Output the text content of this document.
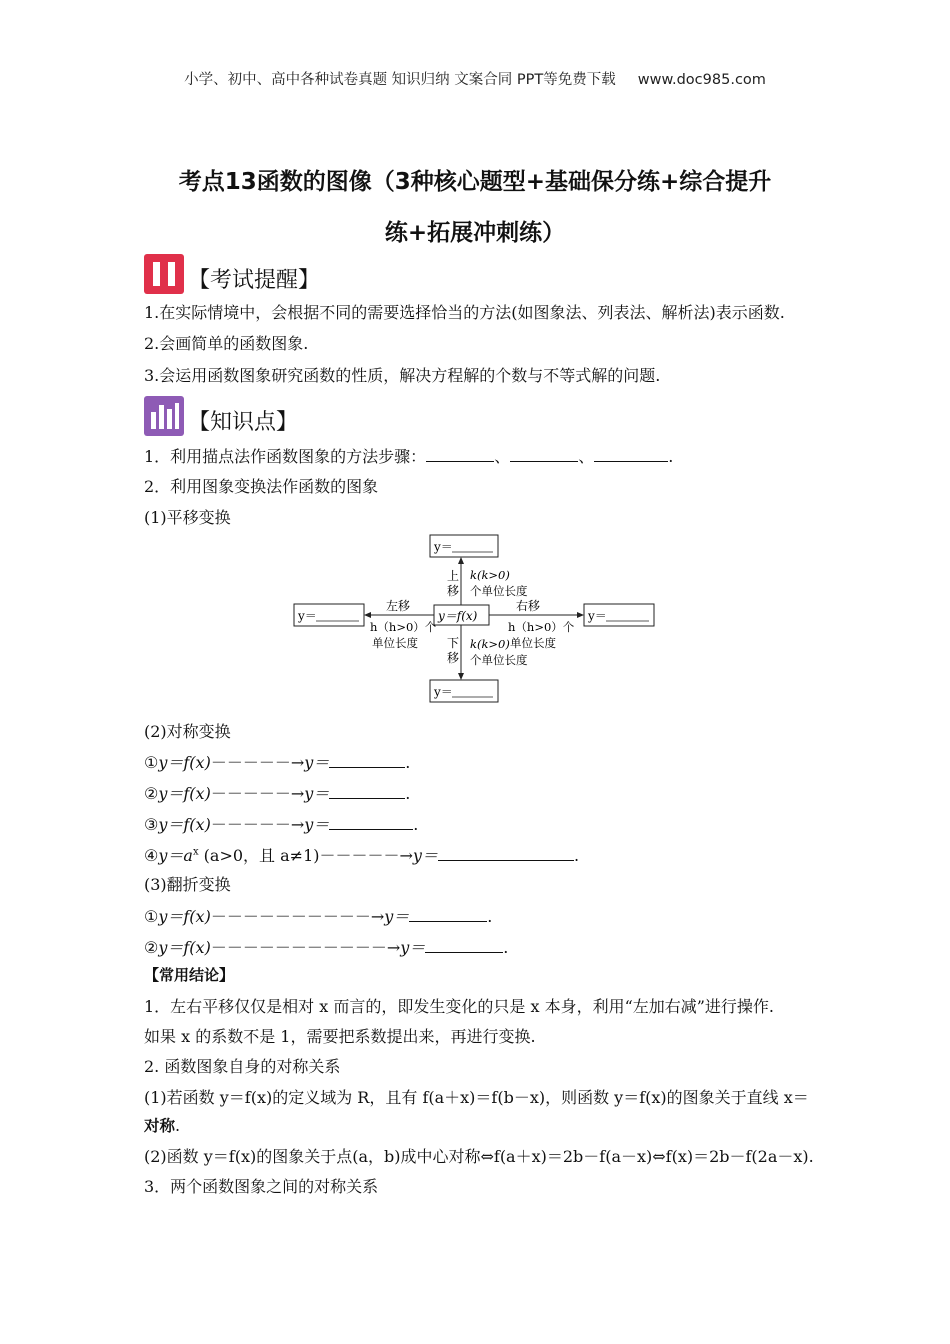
小学、初中、高中各种试卷真题 知识归纳 文案合同 PPT等免费下载 www.doc985.com
考点13函数的图像（3种核心题型+基础保分练+综合提升
练+拓展冲刺练）
【考试提醒】
1.在实际情境中，会根据不同的需要选择恰当的方法(如图象法、列表法、解析法)表示函数.
2.会画简单的函数图象.
3.会运用函数图象研究函数的性质，解决方程解的个数与不等式解的问题.
【知识点】
1．利用描点法作函数图象的方法步骤：	、	、	.
2．利用图象变换法作函数的图象
(1)平移变换
y＝
y＝
y＝	y＝
y＝f(x)
上
移
k(k>0)
个单位长度
下
移
k(k>0)
个单位长度
左移
h（h>0）个
单位长度
右移
h（h>0）个
单位长度
(2)对称变换
①y＝f(x)－－－－－→y＝	.
②y＝f(x)－－－－－→y＝	.
③y＝f(x)－－－－－→y＝	.
$④y=a^x$ (a>0，且 a≠1)－－－－－→y＝	.
(3)翻折变换
①y＝f(x)－－－－－－－－－－→y＝	.
②y＝f(x)－－－－－－－－－－－→y＝	.
【常用结论】
1．左右平移仅仅是相对 x 而言的，即发生变化的只是 x 本身，利用“左加右减”进行操作.
如果 x 的系数不是 1，需要把系数提出来，再进行变换.
2. 函数图象自身的对称关系
(1)若函数 y＝f(x)的定义域为 R，且有 f(a＋x)＝f(b－x)，则函数 y＝f(x)的图象关于直线 x＝
对称.
(2)函数 y＝f(x)的图象关于点(a，b)成中心对称⇔f(a＋x)＝2b－f(a－x)⇔f(x)＝2b－f(2a－x).
3．两个函数图象之间的对称关系
